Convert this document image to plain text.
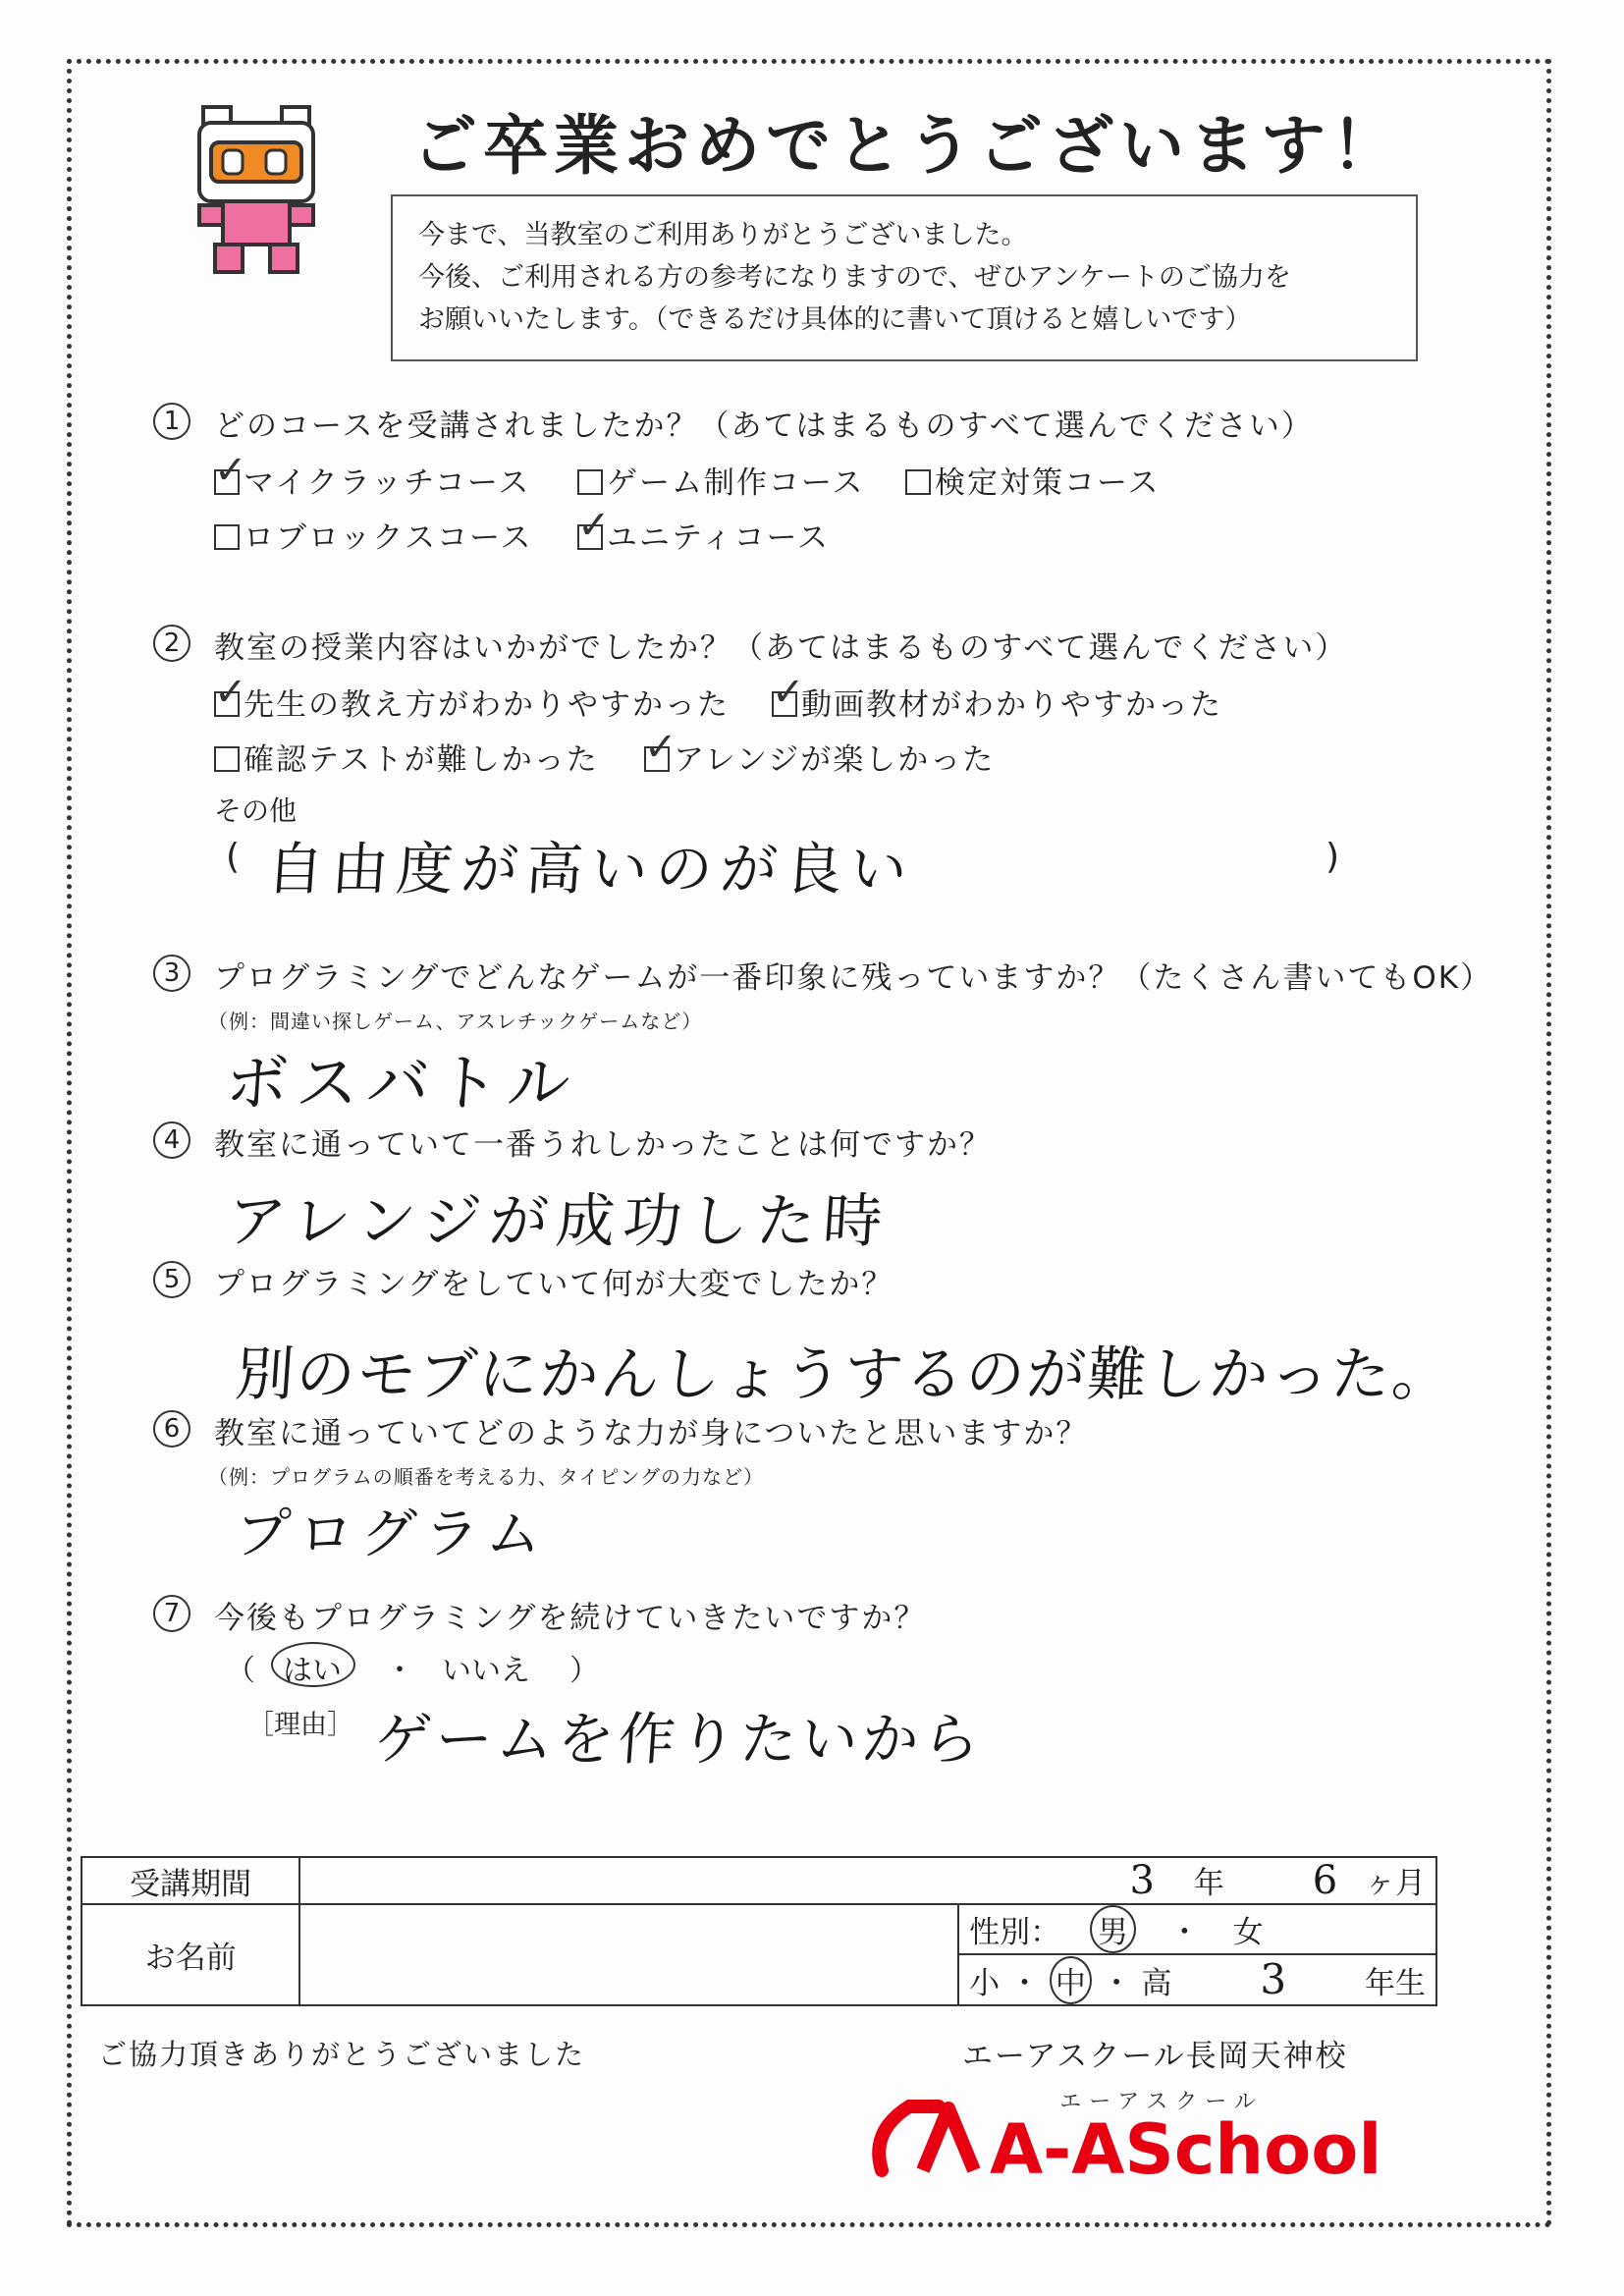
ご卒業おめでとうございます！
今まで、当教室のご利用ありがとうございました。
今後、ご利用される方の参考になりますので、ぜひアンケートのご協力を
お願いいたします。（できるだけ具体的に書いて頂けると嬉しいです）
1	どのコースを受講されましたか？（あてはまるものすべて選んでください）
✓
マイクラッチコース	ゲーム制作コース	検定対策コース
ロブロックスコース ✓
ユニティコース
2	教室の授業内容はいかがでしたか？（あてはまるものすべて選んでください）
✓
先生の教え方がわかりやすかった ✓
動画教材がわかりやすかった
確認テストが難しかった ✓
アレンジが楽しかった
その他
( 自由度が高いのが良い	)
3	プログラミングでどんなゲームが一番印象に残っていますか？（たくさん書いてもOK）
（例：間違い探しゲーム、アスレチックゲームなど）
ボスバトル
4	教室に通っていて一番うれしかったことは何ですか？
アレンジが成功した時
5	プログラミングをしていて何が大変でしたか？
別のモブにかんしょうするのが難しかった。
6	教室に通っていてどのような力が身についたと思いますか？
（例：プログラムの順番を考える力、タイピングの力など）
プログラム
7	今後もプログラミングを続けていきたいですか？
（ はい ・ いいえ ）
［理由］ ゲームを作りたいから
受講期間	3 年 6 ヶ月	
お名前		性別： 男 ・ 女
		小 ・ 中 ・ 高 3 年生
ご協力頂きありがとうございました	エーアスクール長岡天神校
エーアスクール
A-ASchool
